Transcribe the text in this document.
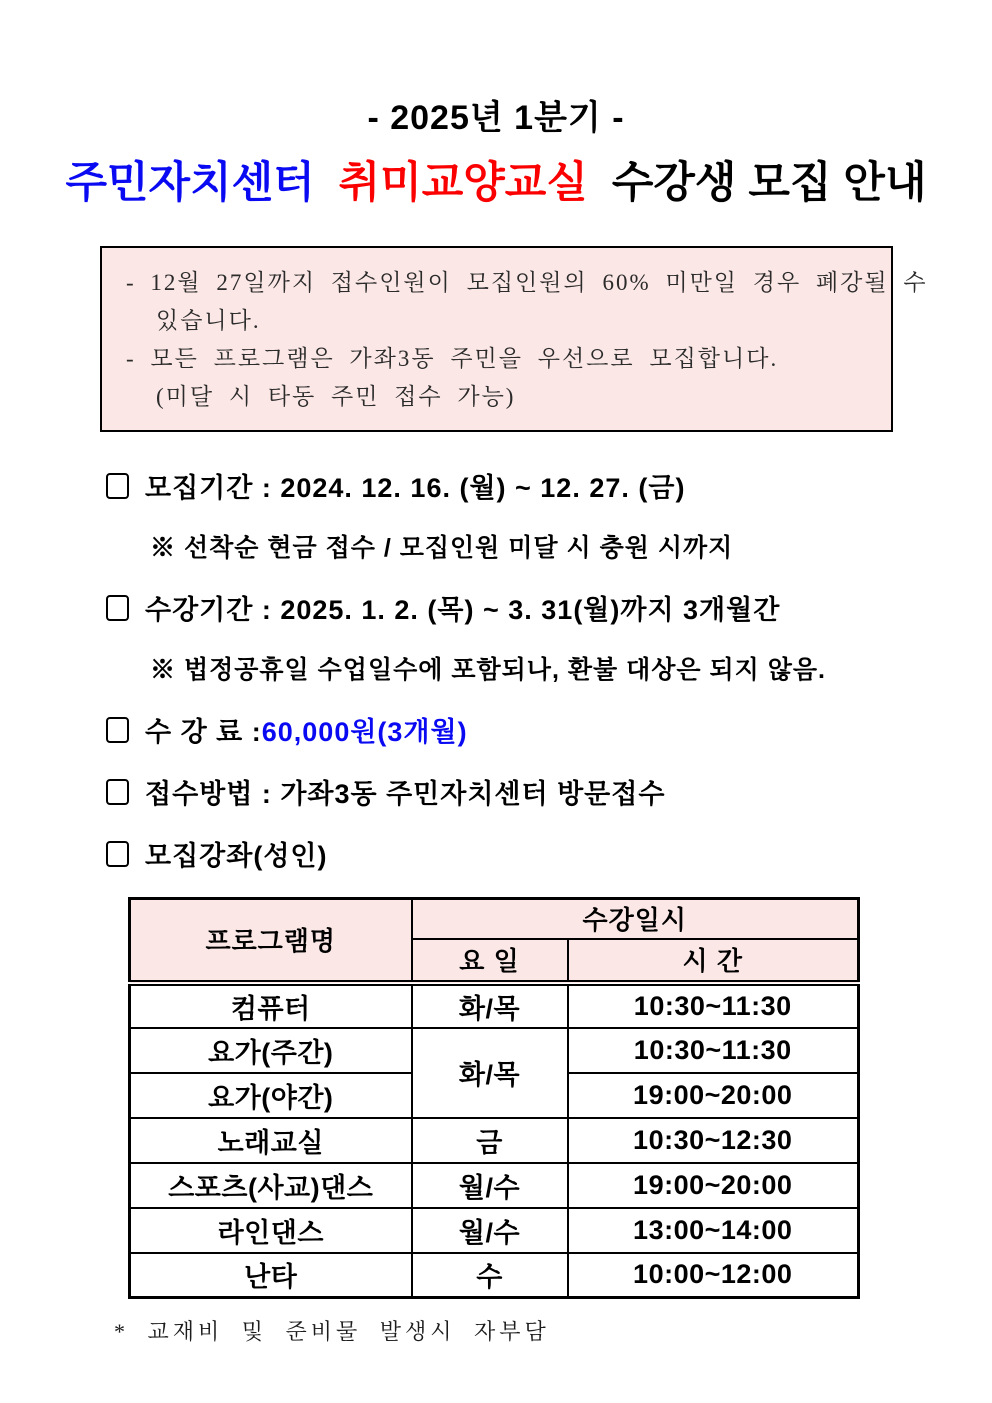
- 2025년 1분기 -
주민자치센터 취미교양교실 수강생 모집 안내
- 12월 27일까지 접수인원이 모집인원의 60% 미만일 경우 폐강될 수
있습니다.
- 모든 프로그램은 가좌3동 주민을 우선으로 모집합니다.
(미달 시 타동 주민 접수 가능)
모집기간 : 2024. 12. 16. (월) ~ 12. 27. (금)
※ 선착순 현금 접수 / 모집인원 미달 시 충원 시까지
수강기간 : 2025. 1. 2. (목) ~ 3. 31(월)까지 3개월간
※ 법정공휴일 수업일수에 포함되나, 환불 대상은 되지 않음.
수 강 료 : 60,000원(3개월)
접수방법 : 가좌3동 주민자치센터 방문접수
모집강좌(성인)
프로그램명	수강일시	
	요 일	시 간
컴퓨터	화/목	10:30~11:30
요가(주간)	화/목	10:30~11:30
요가(야간)		19:00~20:00
노래교실	금	10:30~12:30
스포츠(사교)댄스	월/수	19:00~20:00
라인댄스	월/수	13:00~14:00
난타	수	10:00~12:00
* 교재비 및 준비물 발생시 자부담
